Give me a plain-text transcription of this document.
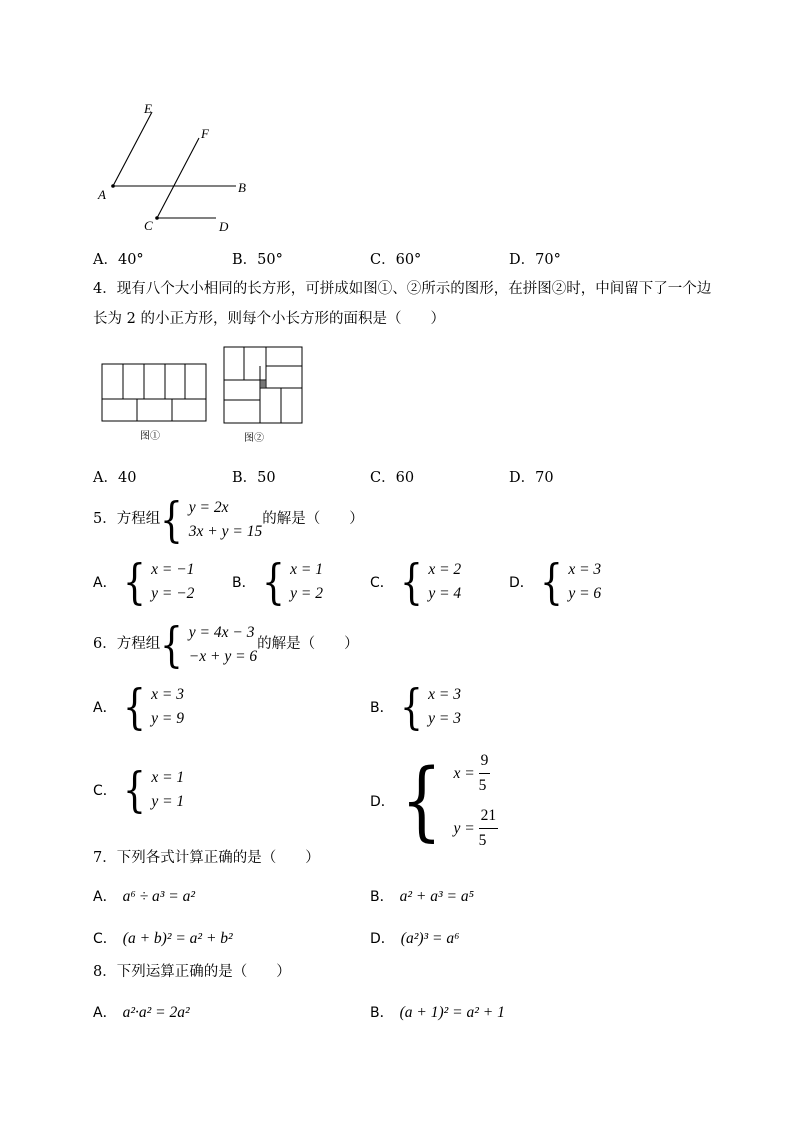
E
F
A	B
C	D
A．40°	B．50°	C．60°	D．70°
4．现有八个大小相同的长方形，可拼成如图①、②所示的图形，在拼图②时，中间留下了一个边
长为 2 的小正方形，则每个小长方形的面积是（　　）
图①	图②
A．40	B．50	C．60	D．70
5．方程组 { y = 2x
3x + y = 15
的解是（　　）
A． { x = −1
y = −2
B． { x = 1
y = 2
C． { x = 2
y = 4
D． { x = 3
y = 6
6．方程组 { y = 4x − 3
−x + y = 6
的解是（　　）
A． { x = 3
y = 9
B． { x = 3
y = 3
C． { x = 1
y = 1	D． { x =
$\frac{9}{5}$
y =
$\frac{21}{5}$
7．下列各式计算正确的是（　　）
A． a⁶ ÷ a³ = a²	B． a² + a³ = a⁵
C． (a + b)² = a² + b²	D． (a²)³ = a⁶
8．下列运算正确的是（　　）
A． a²·a² = 2a²	B． (a + 1)² = a² + 1
